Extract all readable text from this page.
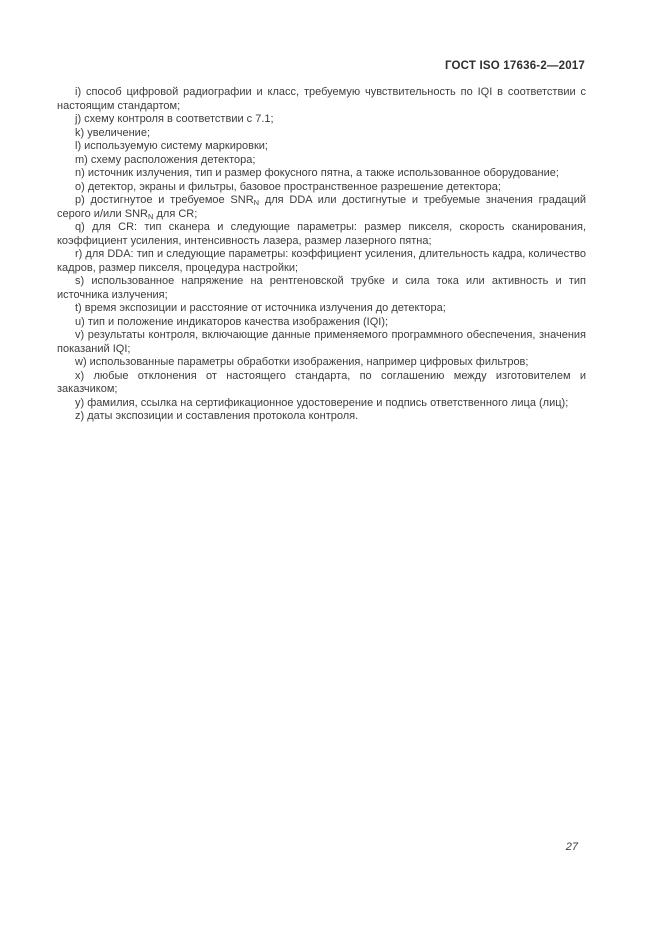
ГОСТ ISO 17636-2—2017

i) способ цифровой радиографии и класс, требуемую чувствительность по IQI в соответствии с настоящим стандартом;

j) схему контроля в соответствии с 7.1;

k) увеличение;

l) используемую систему маркировки;

m) схему расположения детектора;

n) источник излучения, тип и размер фокусного пятна, а также использованное оборудование;

o) детектор, экраны и фильтры, базовое пространственное разрешение детектора;

p) достигнутое и требуемое $SNR_N$ для DDA или достигнутые и требуемые значения градаций серого и/или $SNR_N$ для CR;

q) для CR: тип сканера и следующие параметры: размер пикселя, скорость сканирования, коэффициент усиления, интенсивность лазера, размер лазерного пятна;

r) для DDA: тип и следующие параметры: коэффициент усиления, длительность кадра, количество кадров, размер пикселя, процедура настройки;

s) использованное напряжение на рентгеновской трубке и сила тока или активность и тип источника излучения;

t) время экспозиции и расстояние от источника излучения до детектора;

u) тип и положение индикаторов качества изображения (IQI);

v) результаты контроля, включающие данные применяемого программного обеспечения, значения показаний IQI;

w) использованные параметры обработки изображения, например цифровых фильтров;

x) любые отклонения от настоящего стандарта, по соглашению между изготовителем и заказчиком;

y) фамилия, ссылка на сертификационное удостоверение и подпись ответственного лица (лиц);

z) даты экспозиции и составления протокола контроля.

27
